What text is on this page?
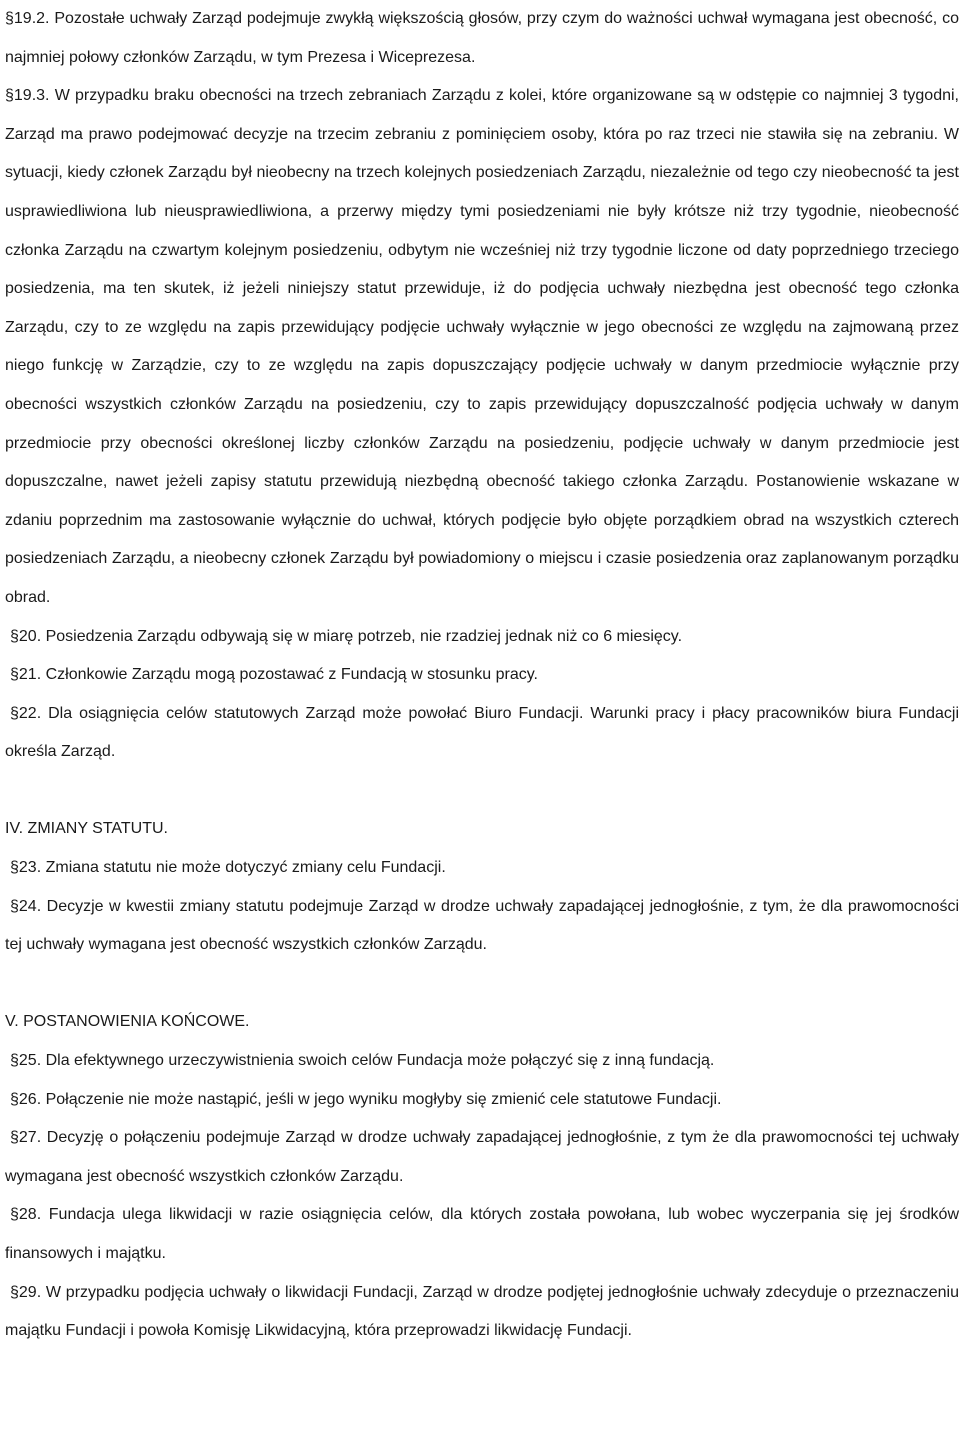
§19.2. Pozostałe uchwały Zarząd podejmuje zwykłą większością głosów, przy czym do ważności uchwał wymagana jest obecność, co najmniej połowy członków Zarządu, w tym Prezesa i Wiceprezesa.

§19.3. W przypadku braku obecności na trzech zebraniach Zarządu z kolei, które organizowane są w odstępie co najmniej 3 tygodni, Zarząd ma prawo podejmować decyzje na trzecim zebraniu z pominięciem osoby, która po raz trzeci nie stawiła się na zebraniu. W sytuacji, kiedy członek Zarządu był nieobecny na trzech kolejnych posiedzeniach Zarządu, niezależnie od tego czy nieobecność ta jest usprawiedliwiona lub nieusprawiedliwiona, a przerwy między tymi posiedzeniami nie były krótsze niż trzy tygodnie, nieobecność członka Zarządu na czwartym kolejnym posiedzeniu, odbytym nie wcześniej niż trzy tygodnie liczone od daty poprzedniego trzeciego posiedzenia, ma ten skutek, iż jeżeli niniejszy statut przewiduje, iż do podjęcia uchwały niezbędna jest obecność tego członka Zarządu, czy to ze względu na zapis przewidujący podjęcie uchwały wyłącznie w jego obecności ze względu na zajmowaną przez niego funkcję w Zarządzie, czy to ze względu na zapis dopuszczający podjęcie uchwały w danym przedmiocie wyłącznie przy obecności wszystkich członków Zarządu na posiedzeniu, czy to zapis przewidujący dopuszczalność podjęcia uchwały w danym przedmiocie przy obecności określonej liczby członków Zarządu na posiedzeniu, podjęcie uchwały w danym przedmiocie jest dopuszczalne, nawet jeżeli zapisy statutu przewidują niezbędną obecność takiego członka Zarządu. Postanowienie wskazane w zdaniu poprzednim ma zastosowanie wyłącznie do uchwał, których podjęcie było objęte porządkiem obrad na wszystkich czterech posiedzeniach Zarządu, a nieobecny członek Zarządu był powiadomiony o miejscu i czasie posiedzenia oraz zaplanowanym porządku obrad.

§20. Posiedzenia Zarządu odbywają się w miarę potrzeb, nie rzadziej jednak niż co 6 miesięcy.

§21. Członkowie Zarządu mogą pozostawać z Fundacją w stosunku pracy.

§22. Dla osiągnięcia celów statutowych Zarząd może powołać Biuro Fundacji. Warunki pracy i płacy pracowników biura Fundacji określa Zarząd.

IV. ZMIANY STATUTU.

§23. Zmiana statutu nie może dotyczyć zmiany celu Fundacji.

§24. Decyzje w kwestii zmiany statutu podejmuje Zarząd w drodze uchwały zapadającej jednogłośnie, z tym, że dla prawomocności tej uchwały wymagana jest obecność wszystkich członków Zarządu.

V. POSTANOWIENIA KOŃCOWE.

§25. Dla efektywnego urzeczywistnienia swoich celów Fundacja może połączyć się z inną fundacją.

§26. Połączenie nie może nastąpić, jeśli w jego wyniku mogłyby się zmienić cele statutowe Fundacji.

§27. Decyzję o połączeniu podejmuje Zarząd w drodze uchwały zapadającej jednogłośnie, z tym że dla prawomocności tej uchwały wymagana jest obecność wszystkich członków Zarządu.

§28. Fundacja ulega likwidacji w razie osiągnięcia celów, dla których została powołana, lub wobec wyczerpania się jej środków finansowych i majątku.

§29. W przypadku podjęcia uchwały o likwidacji Fundacji, Zarząd w drodze podjętej jednogłośnie uchwały zdecyduje o przeznaczeniu majątku Fundacji i powoła Komisję Likwidacyjną, która przeprowadzi likwidację Fundacji.
